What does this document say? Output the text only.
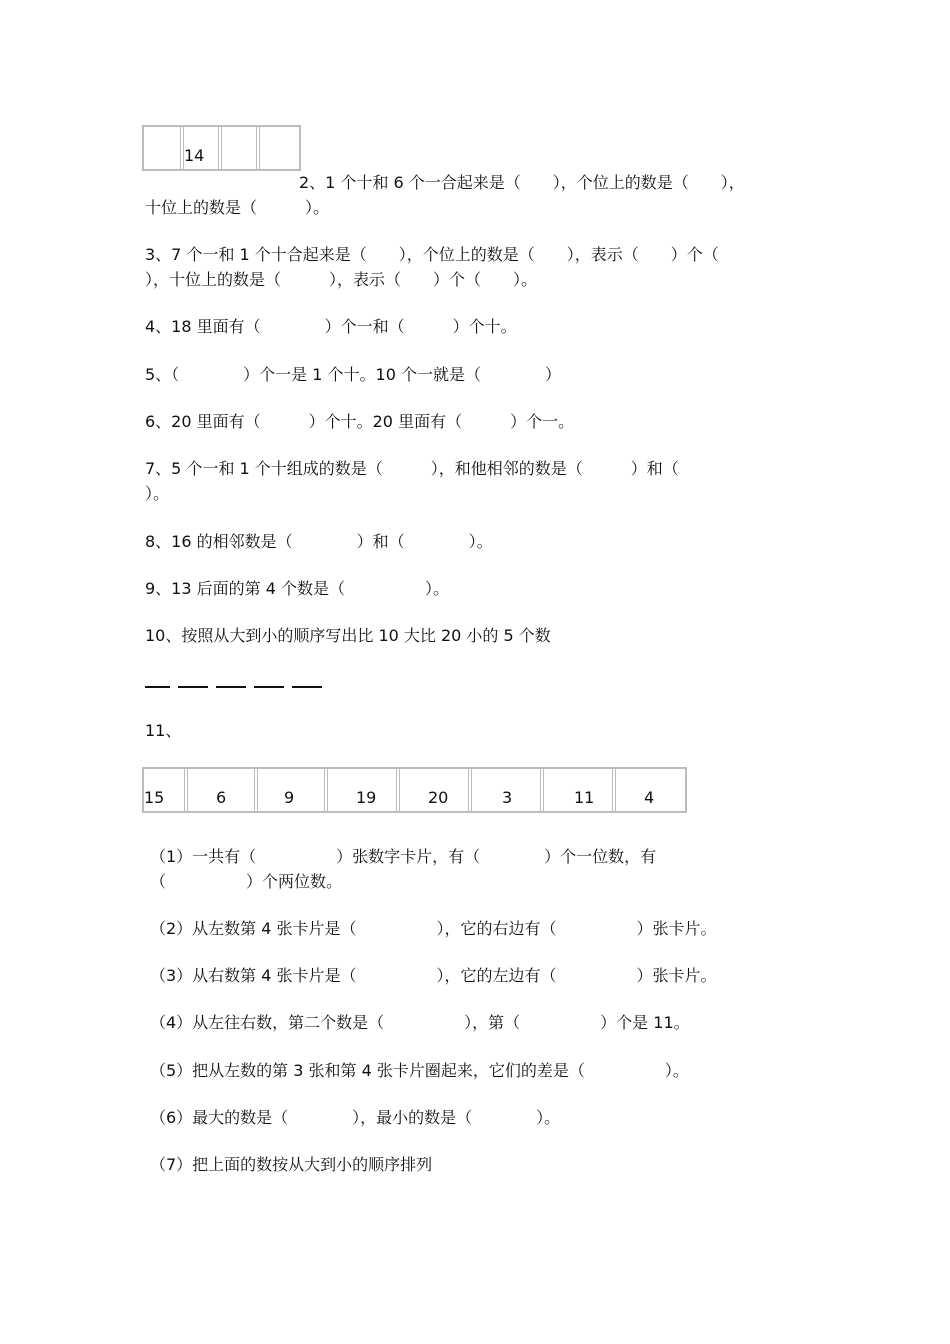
14
2、1 个十和 6 个一合起来是（　　），个位上的数是（　　），
十位上的数是（　　　）。
3、7 个一和 1 个十合起来是（　　），个位上的数是（　　），表示（　　）个（
），十位上的数是（　　　），表示（　　）个（　　）。
4、18 里面有（　　　　）个一和（　　　）个十。
5、（　　　　）个一是 1 个十。10 个一就是（　　　　）
6、20 里面有（　　　）个十。20 里面有（　　　）个一。
7、5 个一和 1 个十组成的数是（　　　），和他相邻的数是（　　　）和（
）。
8、16 的相邻数是（　　　　）和（　　　　）。
9、13 后面的第 4 个数是（　　　　　）。
10、按照从大到小的顺序写出比 10 大比 20 小的 5 个数
11、
15	6	9	19	20	3	11	4
（1）一共有（　　　　　）张数字卡片，有（　　　　）个一位数，有
（　　　　　）个两位数。
（2）从左数第 4 张卡片是（　　　　　），它的右边有（　　　　　）张卡片。
（3）从右数第 4 张卡片是（　　　　　），它的左边有（　　　　　）张卡片。
（4）从左往右数，第二个数是（　　　　　），第（　　　　　）个是 11。
（5）把从左数的第 3 张和第 4 张卡片圈起来，它们的差是（　　　　　）。
（6）最大的数是（　　　　），最小的数是（　　　　）。
（7）把上面的数按从大到小的顺序排列
